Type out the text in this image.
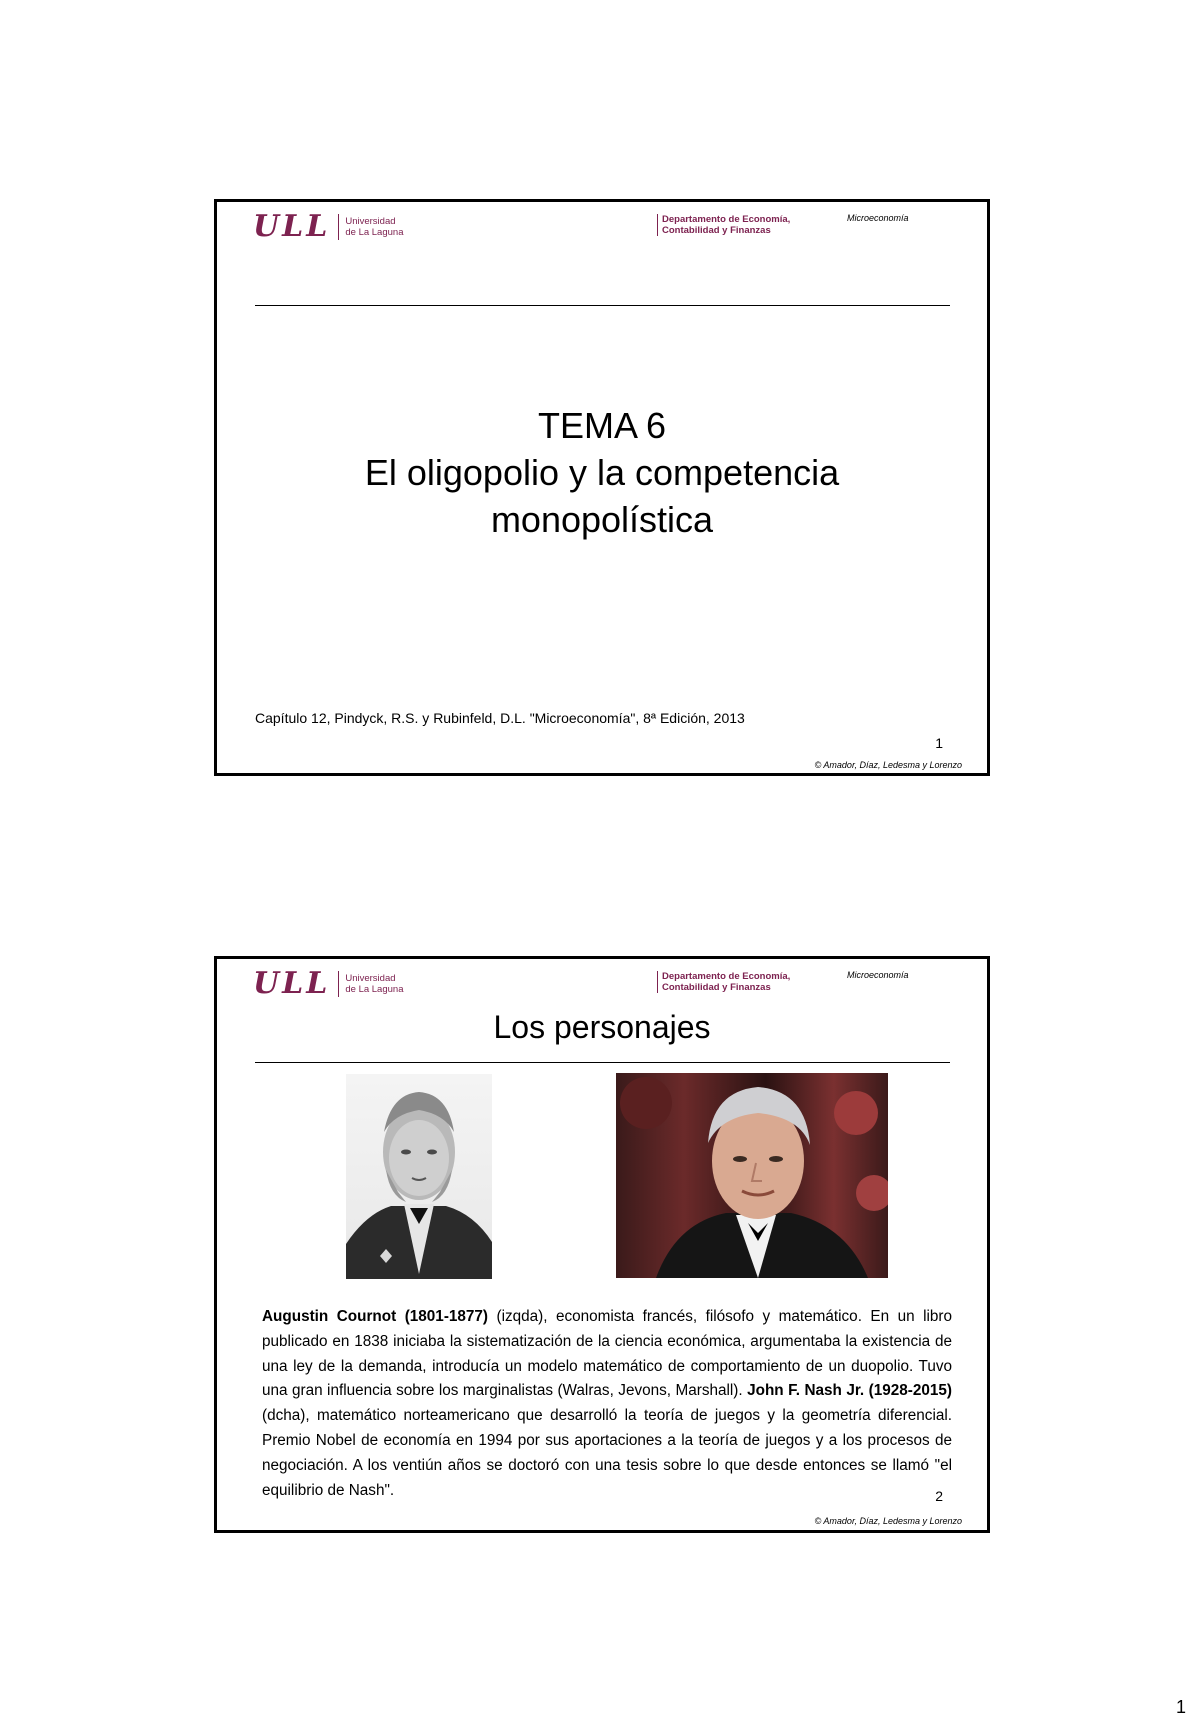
ULL Universidad
de La Laguna
Departamento de Economía,
Contabilidad y Finanzas
Microeconomía
TEMA 6
El oligopolio y la competencia
monopolística
Capítulo 12, Pindyck, R.S. y Rubinfeld, D.L. "Microeconomía", 8ª Edición, 2013
1
© Amador, Díaz, Ledesma y Lorenzo
ULL Universidad
de La Laguna
Departamento de Economía,
Contabilidad y Finanzas
Microeconomía
Los personajes
Augustin Cournot (1801-1877) (izqda), economista francés, filósofo y matemático. En un libro publicado en 1838 iniciaba la sistematización de la ciencia económica, argumentaba la existencia de una ley de la demanda, introducía un modelo matemático de comportamiento de un duopolio. Tuvo una gran influencia sobre los marginalistas (Walras, Jevons, Marshall). John F. Nash Jr. (1928-2015) (dcha), matemático norteamericano que desarrolló la teoría de juegos y la geometría diferencial. Premio Nobel de economía en 1994 por sus aportaciones a la teoría de juegos y a los procesos de negociación. A los ventiún años se doctoró con una tesis sobre lo que desde entonces se llamó "el equilibrio de Nash".	2
© Amador, Díaz, Ledesma y Lorenzo
1
